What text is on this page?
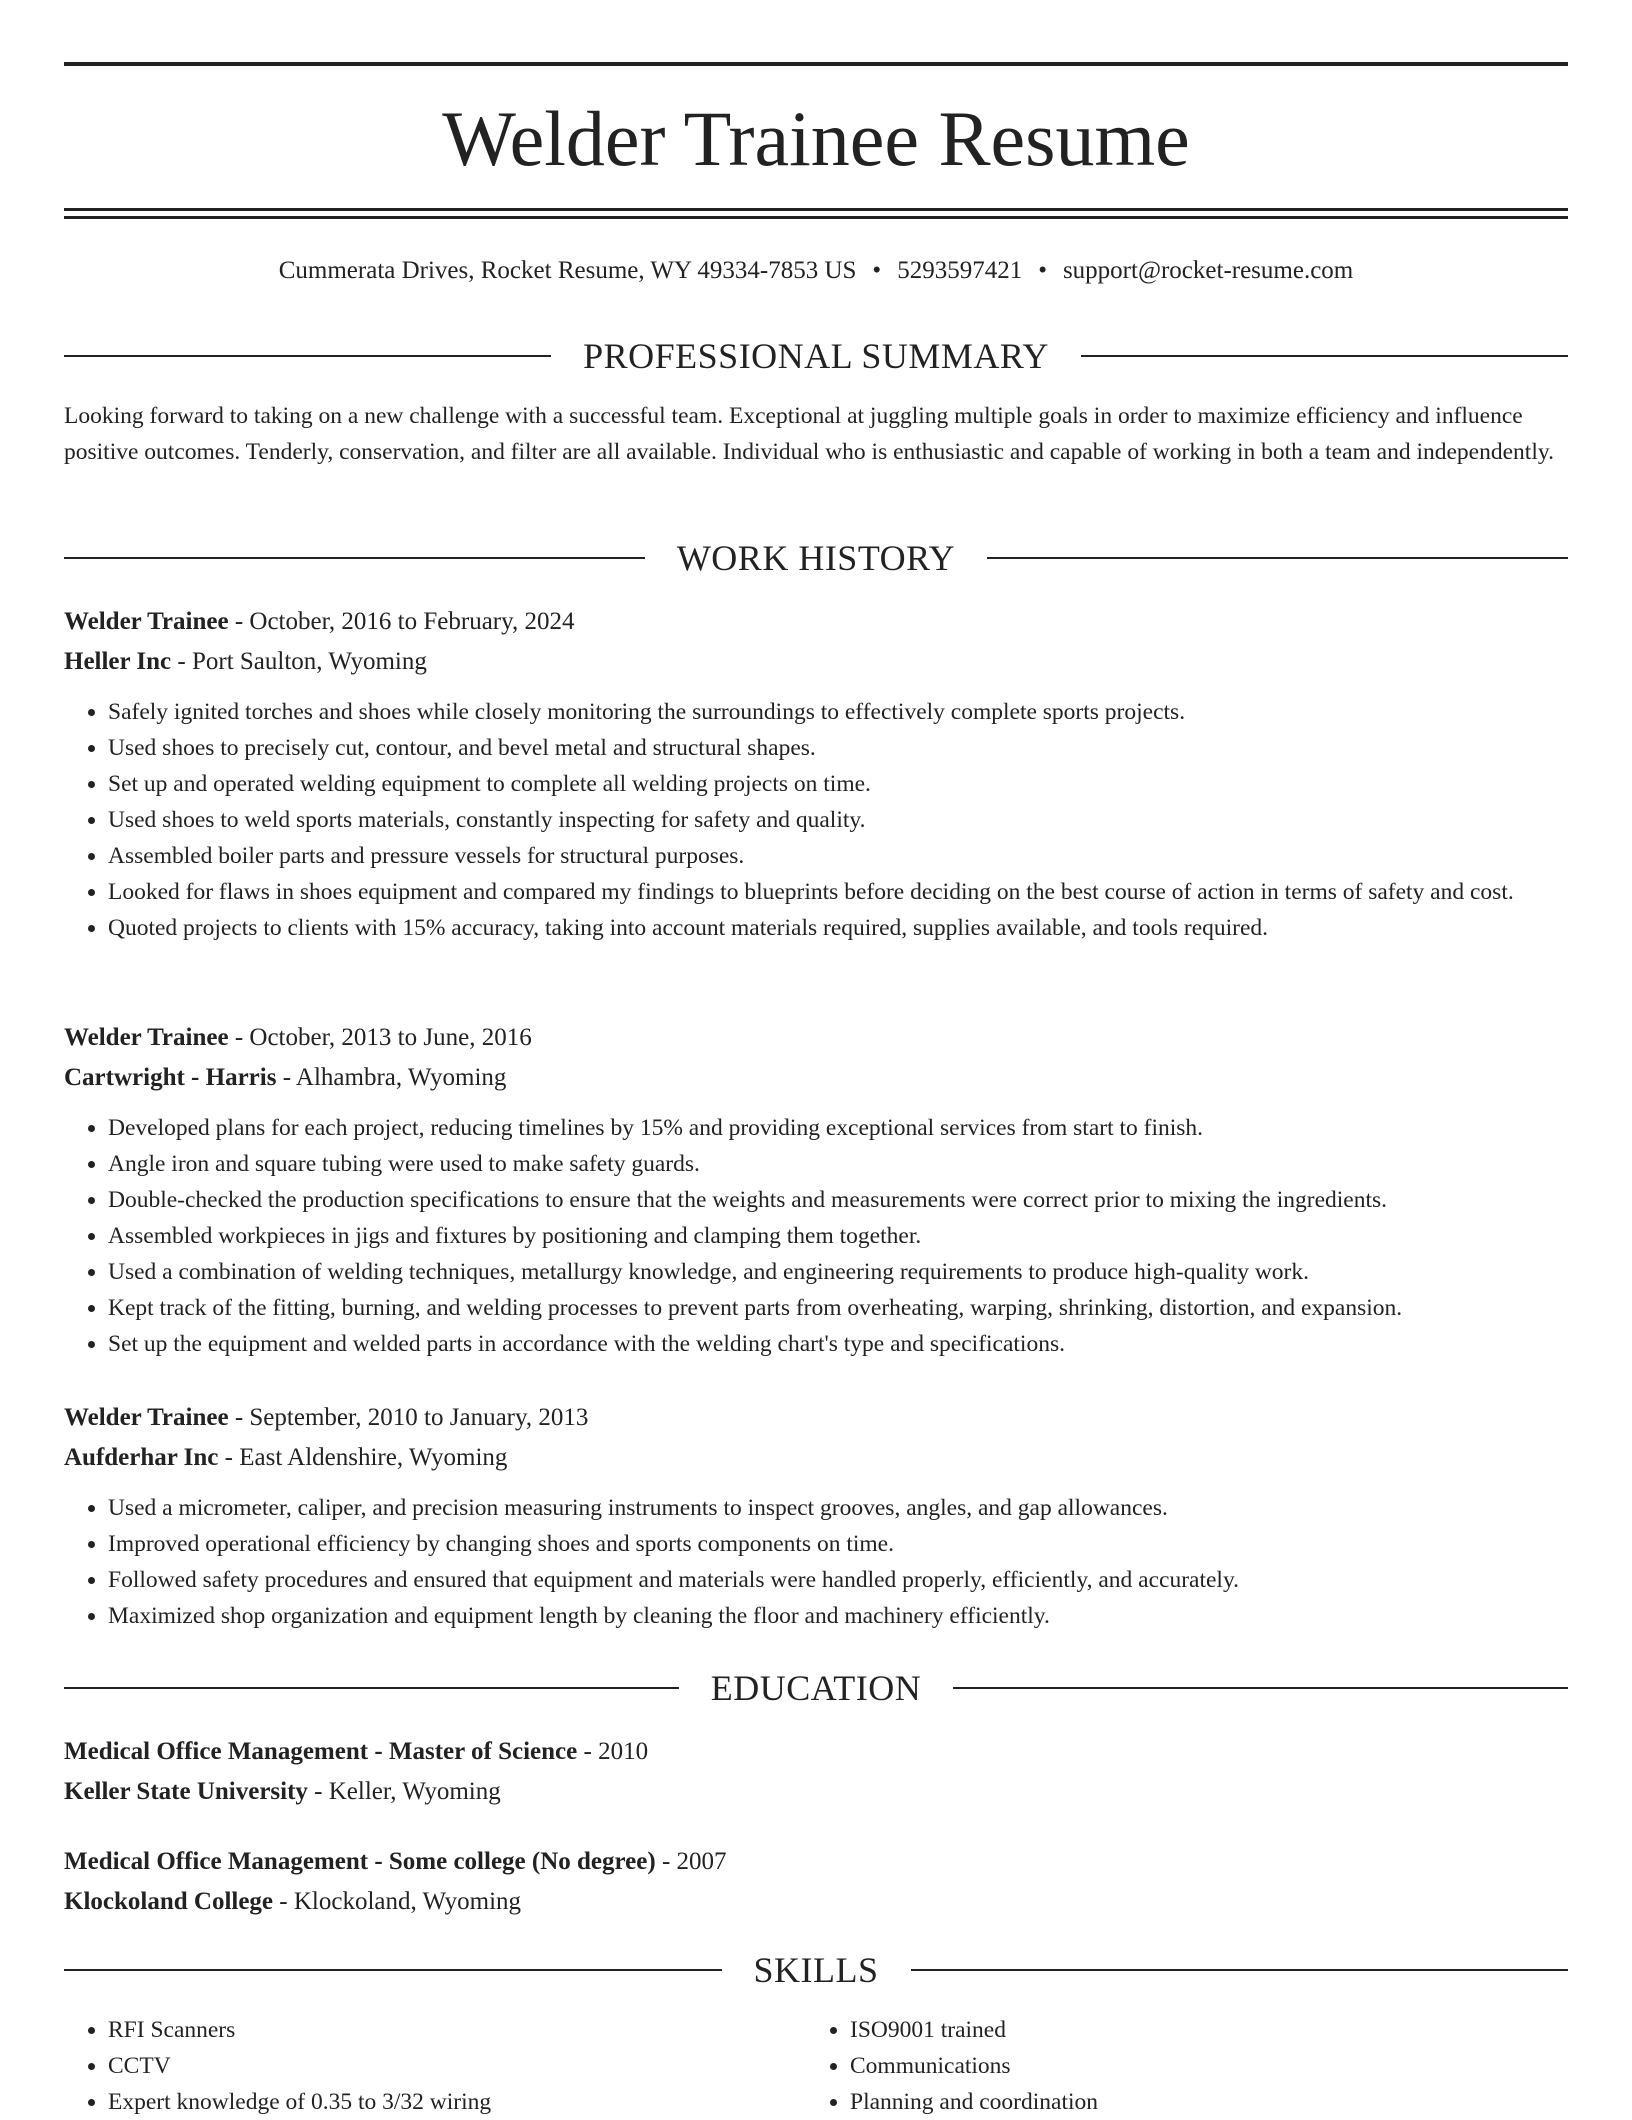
Welder Trainee Resume
Cummerata Drives, Rocket Resume, WY 49334-7853 US • 5293597421 • support@rocket-resume.com
PROFESSIONAL SUMMARY

Looking forward to taking on a new challenge with a successful team. Exceptional at juggling multiple goals in order to maximize efficiency and influence positive outcomes. Tenderly, conservation, and filter are all available. Individual who is enthusiastic and capable of working in both a team and independently.

WORK HISTORY
Welder Trainee - October, 2016 to February, 2024
Heller Inc - Port Saulton, Wyoming
• Safely ignited torches and shoes while closely monitoring the surroundings to effectively complete sports projects.
• Used shoes to precisely cut, contour, and bevel metal and structural shapes.
• Set up and operated welding equipment to complete all welding projects on time.
• Used shoes to weld sports materials, constantly inspecting for safety and quality.
• Assembled boiler parts and pressure vessels for structural purposes.
• Looked for flaws in shoes equipment and compared my findings to blueprints before deciding on the best course of action in terms of safety and cost.
• Quoted projects to clients with 15% accuracy, taking into account materials required, supplies available, and tools required.
Welder Trainee - October, 2013 to June, 2016
Cartwright - Harris - Alhambra, Wyoming
• Developed plans for each project, reducing timelines by 15% and providing exceptional services from start to finish.
• Angle iron and square tubing were used to make safety guards.
• Double-checked the production specifications to ensure that the weights and measurements were correct prior to mixing the ingredients.
• Assembled workpieces in jigs and fixtures by positioning and clamping them together.
• Used a combination of welding techniques, metallurgy knowledge, and engineering requirements to produce high-quality work.
• Kept track of the fitting, burning, and welding processes to prevent parts from overheating, warping, shrinking, distortion, and expansion.
• Set up the equipment and welded parts in accordance with the welding chart's type and specifications.
Welder Trainee - September, 2010 to January, 2013
Aufderhar Inc - East Aldenshire, Wyoming
• Used a micrometer, caliper, and precision measuring instruments to inspect grooves, angles, and gap allowances.
• Improved operational efficiency by changing shoes and sports components on time.
• Followed safety procedures and ensured that equipment and materials were handled properly, efficiently, and accurately.
• Maximized shop organization and equipment length by cleaning the floor and machinery efficiently.
EDUCATION
Medical Office Management - Master of Science - 2010
Keller State University - Keller, Wyoming
Medical Office Management - Some college (No degree) - 2007
Klockoland College - Klockoland, Wyoming
SKILLS
• RFI Scanners
• CCTV
• Expert knowledge of 0.35 to 3/32 wiring
• ISO9001 trained
• Communications
• Planning and coordination
